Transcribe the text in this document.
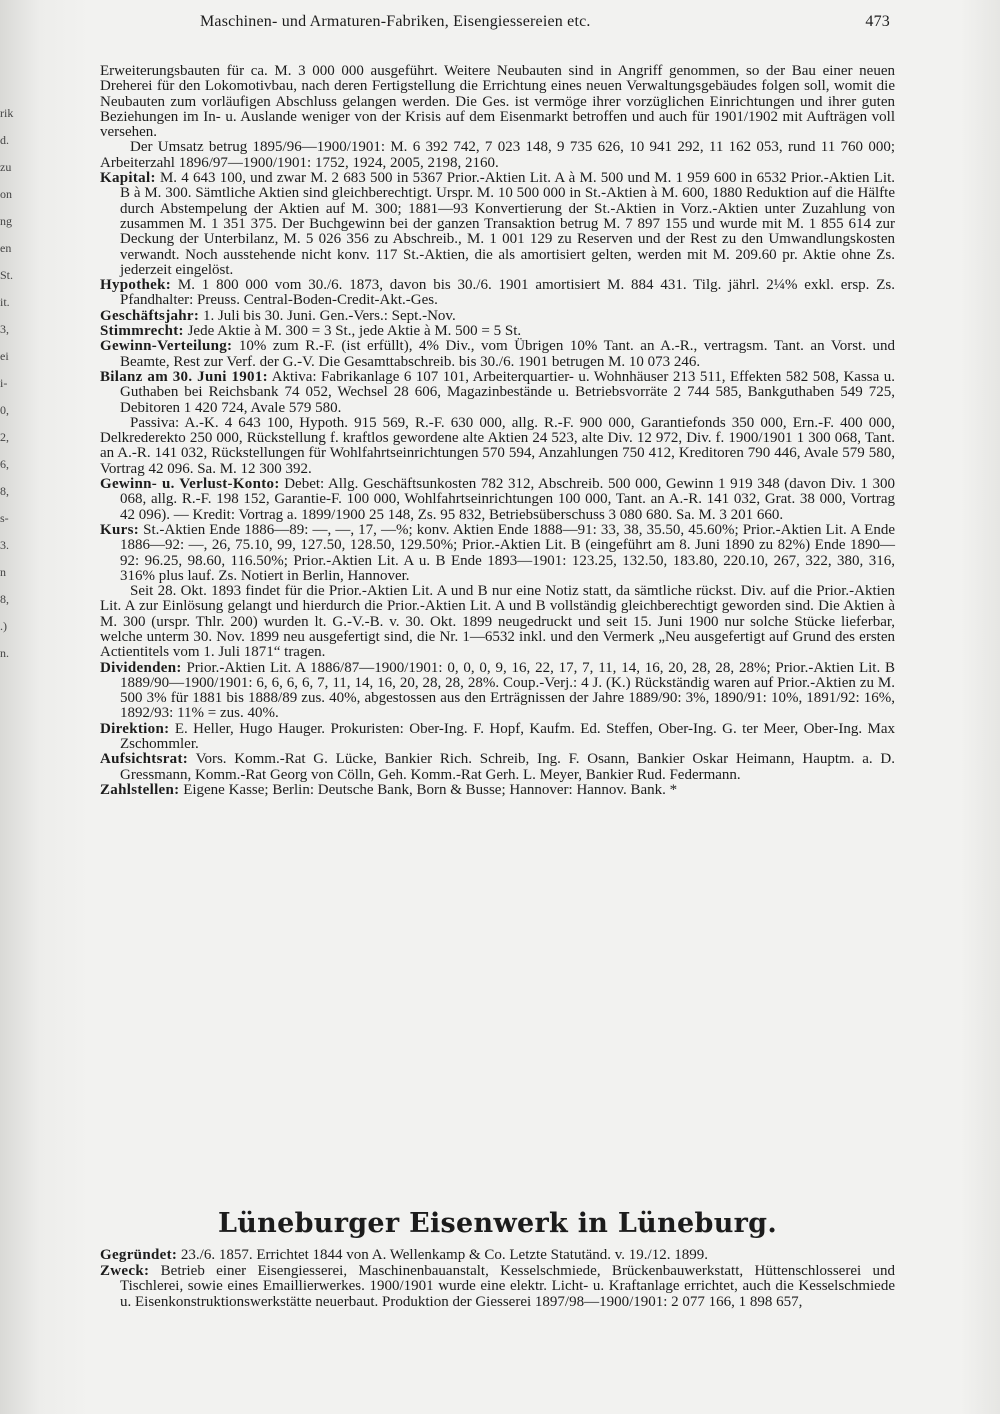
rik
d.
zu
on
ng
en
St.
it.
3,
ei
i-
0,
2,
6,
8,
s-
3.
n
8,
.)
n.
Maschinen- und Armaturen-Fabriken, Eisengiessereien etc.	473

Erweiterungsbauten für ca. M. 3 000 000 ausgeführt. Weitere Neubauten sind in Angriff genommen, so der Bau einer neuen Dreherei für den Lokomotivbau, nach deren Fertigstellung die Errichtung eines neuen Verwaltungsgebäudes folgen soll, womit die Neubauten zum vorläufigen Abschluss gelangen werden. Die Ges. ist vermöge ihrer vorzüglichen Einrichtungen und ihrer guten Beziehungen im In- u. Auslande weniger von der Krisis auf dem Eisenmarkt betroffen und auch für 1901/1902 mit Aufträgen voll versehen.

Der Umsatz betrug 1895/96—1900/1901: M. 6 392 742, 7 023 148, 9 735 626, 10 941 292, 11 162 053, rund 11 760 000; Arbeiterzahl 1896/97—1900/1901: 1752, 1924, 2005, 2198, 2160.

Kapital: M. 4 643 100, und zwar M. 2 683 500 in 5367 Prior.-Aktien Lit. A à M. 500 und M. 1 959 600 in 6532 Prior.-Aktien Lit. B à M. 300. Sämtliche Aktien sind gleichberechtigt. Urspr. M. 10 500 000 in St.-Aktien à M. 600, 1880 Reduktion auf die Hälfte durch Abstempelung der Aktien auf M. 300; 1881—93 Konvertierung der St.-Aktien in Vorz.-Aktien unter Zuzahlung von zusammen M. 1 351 375. Der Buchgewinn bei der ganzen Transaktion betrug M. 7 897 155 und wurde mit M. 1 855 614 zur Deckung der Unterbilanz, M. 5 026 356 zu Abschreib., M. 1 001 129 zu Reserven und der Rest zu den Umwandlungskosten verwandt. Noch ausstehende nicht konv. 117 St.-Aktien, die als amortisiert gelten, werden mit M. 209.60 pr. Aktie ohne Zs. jederzeit eingelöst.

Hypothek: M. 1 800 000 vom 30./6. 1873, davon bis 30./6. 1901 amortisiert M. 884 431. Tilg. jährl. 2¼% exkl. ersp. Zs. Pfandhalter: Preuss. Central-Boden-Credit-Akt.-Ges.

Geschäftsjahr: 1. Juli bis 30. Juni. Gen.-Vers.: Sept.-Nov.

Stimmrecht: Jede Aktie à M. 300 = 3 St., jede Aktie à M. 500 = 5 St.

Gewinn-Verteilung: 10% zum R.-F. (ist erfüllt), 4% Div., vom Übrigen 10% Tant. an A.-R., vertragsm. Tant. an Vorst. und Beamte, Rest zur Verf. der G.-V. Die Gesamttabschreib. bis 30./6. 1901 betrugen M. 10 073 246.

Bilanz am 30. Juni 1901: Aktiva: Fabrikanlage 6 107 101, Arbeiterquartier- u. Wohnhäuser 213 511, Effekten 582 508, Kassa u. Guthaben bei Reichsbank 74 052, Wechsel 28 606, Magazinbestände u. Betriebsvorräte 2 744 585, Bankguthaben 549 725, Debitoren 1 420 724, Avale 579 580.

Passiva: A.-K. 4 643 100, Hypoth. 915 569, R.-F. 630 000, allg. R.-F. 900 000, Garantiefonds 350 000, Ern.-F. 400 000, Delkrederekto 250 000, Rückstellung f. kraftlos gewordene alte Aktien 24 523, alte Div. 12 972, Div. f. 1900/1901 1 300 068, Tant. an A.-R. 141 032, Rückstellungen für Wohlfahrtseinrichtungen 570 594, Anzahlungen 750 412, Kreditoren 790 446, Avale 579 580, Vortrag 42 096. Sa. M. 12 300 392.

Gewinn- u. Verlust-Konto: Debet: Allg. Geschäftsunkosten 782 312, Abschreib. 500 000, Gewinn 1 919 348 (davon Div. 1 300 068, allg. R.-F. 198 152, Garantie-F. 100 000, Wohlfahrtseinrichtungen 100 000, Tant. an A.-R. 141 032, Grat. 38 000, Vortrag 42 096). — Kredit: Vortrag a. 1899/1900 25 148, Zs. 95 832, Betriebsüberschuss 3 080 680. Sa. M. 3 201 660.

Kurs: St.-Aktien Ende 1886—89: —, —, 17, —%; konv. Aktien Ende 1888—91: 33, 38, 35.50, 45.60%; Prior.-Aktien Lit. A Ende 1886—92: —, 26, 75.10, 99, 127.50, 128.50, 129.50%; Prior.-Aktien Lit. B (eingeführt am 8. Juni 1890 zu 82%) Ende 1890—92: 96.25, 98.60, 116.50%; Prior.-Aktien Lit. A u. B Ende 1893—1901: 123.25, 132.50, 183.80, 220.10, 267, 322, 380, 316, 316% plus lauf. Zs. Notiert in Berlin, Hannover.

Seit 28. Okt. 1893 findet für die Prior.-Aktien Lit. A und B nur eine Notiz statt, da sämtliche rückst. Div. auf die Prior.-Aktien Lit. A zur Einlösung gelangt und hierdurch die Prior.-Aktien Lit. A und B vollständig gleichberechtigt geworden sind. Die Aktien à M. 300 (urspr. Thlr. 200) wurden lt. G.-V.-B. v. 30. Okt. 1899 neugedruckt und seit 15. Juni 1900 nur solche Stücke lieferbar, welche unterm 30. Nov. 1899 neu ausgefertigt sind, die Nr. 1—6532 inkl. und den Vermerk „Neu ausgefertigt auf Grund des ersten Actientitels vom 1. Juli 1871“ tragen.

Dividenden: Prior.-Aktien Lit. A 1886/87—1900/1901: 0, 0, 0, 9, 16, 22, 17, 7, 11, 14, 16, 20, 28, 28, 28%; Prior.-Aktien Lit. B 1889/90—1900/1901: 6, 6, 6, 6, 7, 11, 14, 16, 20, 28, 28, 28%. Coup.-Verj.: 4 J. (K.) Rückständig waren auf Prior.-Aktien zu M. 500 3% für 1881 bis 1888/89 zus. 40%, abgestossen aus den Erträgnissen der Jahre 1889/90: 3%, 1890/91: 10%, 1891/92: 16%, 1892/93: 11% = zus. 40%.

Direktion: E. Heller, Hugo Hauger. Prokuristen: Ober-Ing. F. Hopf, Kaufm. Ed. Steffen, Ober-Ing. G. ter Meer, Ober-Ing. Max Zschommler.

Aufsichtsrat: Vors. Komm.-Rat G. Lücke, Bankier Rich. Schreib, Ing. F. Osann, Bankier Oskar Heimann, Hauptm. a. D. Gressmann, Komm.-Rat Georg von Cölln, Geh. Komm.-Rat Gerh. L. Meyer, Bankier Rud. Federmann.

Zahlstellen: Eigene Kasse; Berlin: Deutsche Bank, Born & Busse; Hannover: Hannov. Bank. *

Lüneburger Eisenwerk in Lüneburg.

Gegründet: 23./6. 1857. Errichtet 1844 von A. Wellenkamp & Co. Letzte Statutänd. v. 19./12. 1899.

Zweck: Betrieb einer Eisengiesserei, Maschinenbauanstalt, Kesselschmiede, Brückenbauwerkstatt, Hüttenschlosserei und Tischlerei, sowie eines Emaillierwerkes. 1900/1901 wurde eine elektr. Licht- u. Kraftanlage errichtet, auch die Kesselschmiede u. Eisenkonstruktionswerkstätte neuerbaut. Produktion der Giesserei 1897/98—1900/1901: 2 077 166, 1 898 657,
